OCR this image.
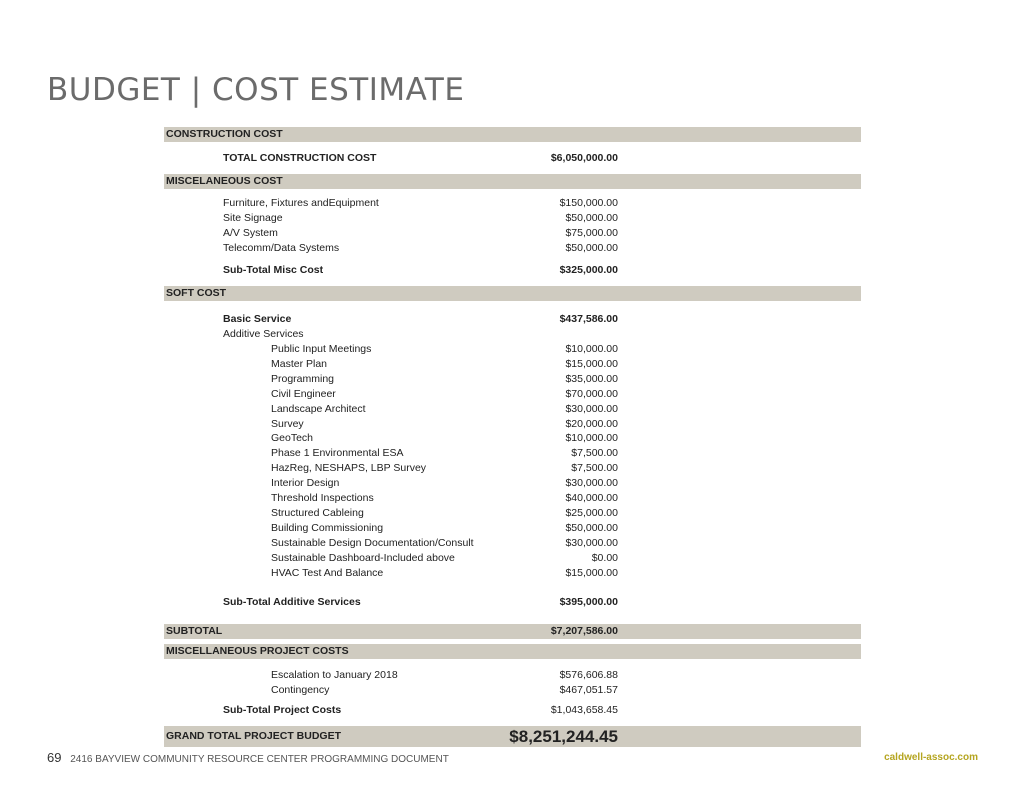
BUDGET | COST ESTIMATE
CONSTRUCTION COST
TOTAL CONSTRUCTION COST	$6,050,000.00
MISCELANEOUS COST
Furniture, Fixtures andEquipment	$150,000.00
Site Signage	$50,000.00
A/V System	$75,000.00
Telecomm/Data Systems	$50,000.00
Sub-Total Misc Cost	$325,000.00
SOFT COST
Basic Service	$437,586.00
Additive Services
Public Input Meetings	$10,000.00
Master Plan	$15,000.00
Programming	$35,000.00
Civil Engineer	$70,000.00
Landscape Architect	$30,000.00
Survey	$20,000.00
GeoTech	$10,000.00
Phase 1 Environmental ESA	$7,500.00
HazReg, NESHAPS, LBP Survey	$7,500.00
Interior Design	$30,000.00
Threshold Inspections	$40,000.00
Structured Cableing	$25,000.00
Building Commissioning	$50,000.00
Sustainable Design Documentation/Consult	$30,000.00
Sustainable Dashboard-Included above	$0.00
HVAC Test And Balance	$15,000.00
Sub-Total Additive Services	$395,000.00
SUBTOTAL	$7,207,586.00
MISCELLANEOUS PROJECT COSTS
Escalation to January 2018	$576,606.88
Contingency	$467,051.57
Sub-Total Project Costs	$1,043,658.45
GRAND TOTAL PROJECT BUDGET	$8,251,244.45
69 2416 BAYVIEW COMMUNITY RESOURCE CENTER PROGRAMMING DOCUMENT	caldwell-assoc.com
